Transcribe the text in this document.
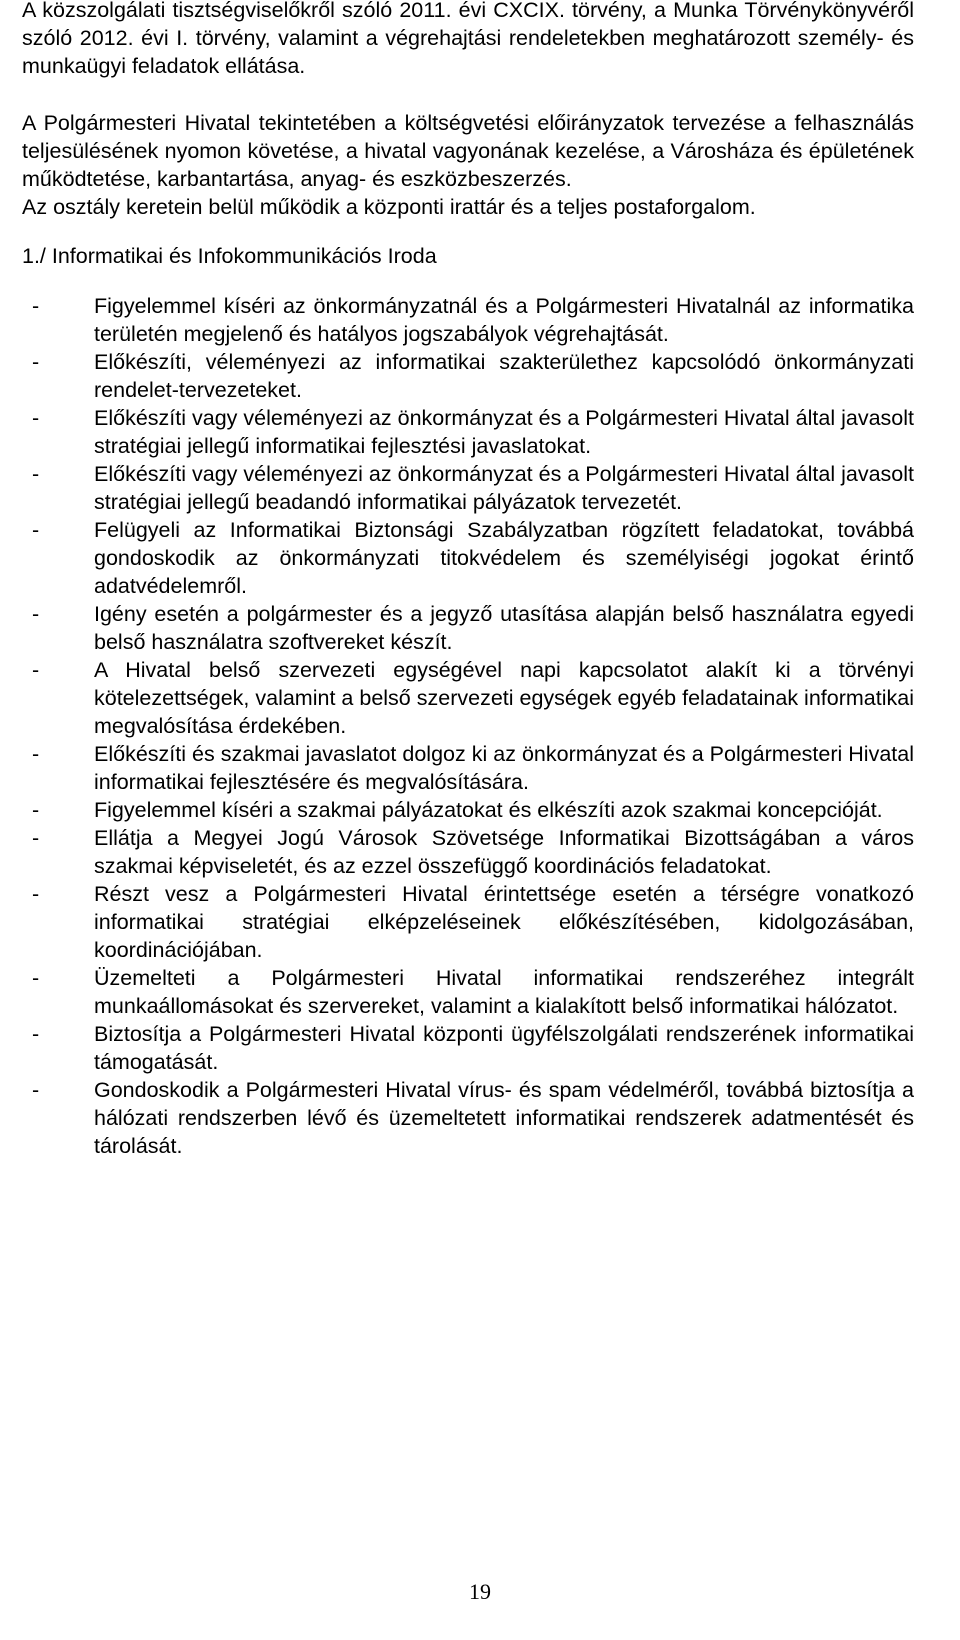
A közszolgálati tisztségviselőkről szóló 2011. évi CXCIX. törvény, a Munka Törvénykönyvéről szóló 2012. évi I. törvény, valamint a végrehajtási rendeletekben meghatározott személy- és munkaügyi feladatok ellátása.

A Polgármesteri Hivatal tekintetében a költségvetési előirányzatok tervezése a felhasználás teljesülésének nyomon követése, a hivatal vagyonának kezelése, a Városháza és épületének működtetése, karbantartása, anyag- és eszközbeszerzés.

Az osztály keretein belül működik a központi irattár és a teljes postaforgalom.

1./ Informatikai és Infokommunikációs Iroda
-	Figyelemmel kíséri az önkormányzatnál és a Polgármesteri Hivatalnál az informatika területén megjelenő és hatályos jogszabályok végrehajtását.
-	Előkészíti, véleményezi az informatikai szakterülethez kapcsolódó önkormányzati rendelet-tervezeteket.
-	Előkészíti vagy véleményezi az önkormányzat és a Polgármesteri Hivatal által javasolt stratégiai jellegű informatikai fejlesztési javaslatokat.
-	Előkészíti vagy véleményezi az önkormányzat és a Polgármesteri Hivatal által javasolt stratégiai jellegű beadandó informatikai pályázatok tervezetét.
-	Felügyeli az Informatikai Biztonsági Szabályzatban rögzített feladatokat, továbbá gondoskodik az önkormányzati titokvédelem és személyiségi jogokat érintő adatvédelemről.
-	Igény esetén a polgármester és a jegyző utasítása alapján belső használatra egyedi belső használatra szoftvereket készít.
-	A Hivatal belső szervezeti egységével napi kapcsolatot alakít ki a törvényi kötelezettségek, valamint a belső szervezeti egységek egyéb feladatainak informatikai megvalósítása érdekében.
-	Előkészíti és szakmai javaslatot dolgoz ki az önkormányzat és a Polgármesteri Hivatal informatikai fejlesztésére és megvalósítására.
-	Figyelemmel kíséri a szakmai pályázatokat és elkészíti azok szakmai koncepcióját.
-	Ellátja a Megyei Jogú Városok Szövetsége Informatikai Bizottságában a város szakmai képviseletét, és az ezzel összefüggő koordinációs feladatokat.
-	Részt vesz a Polgármesteri Hivatal érintettsége esetén a térségre vonatkozó informatikai stratégiai elképzeléseinek előkészítésében, kidolgozásában, koordinációjában.
-	Üzemelteti a Polgármesteri Hivatal informatikai rendszeréhez integrált munkaállomásokat és szervereket, valamint a kialakított belső informatikai hálózatot.
-	Biztosítja a Polgármesteri Hivatal központi ügyfélszolgálati rendszerének informatikai támogatását.
-	Gondoskodik a Polgármesteri Hivatal vírus- és spam védelméről, továbbá biztosítja a hálózati rendszerben lévő és üzemeltetett informatikai rendszerek adatmentését és tárolását.
19
